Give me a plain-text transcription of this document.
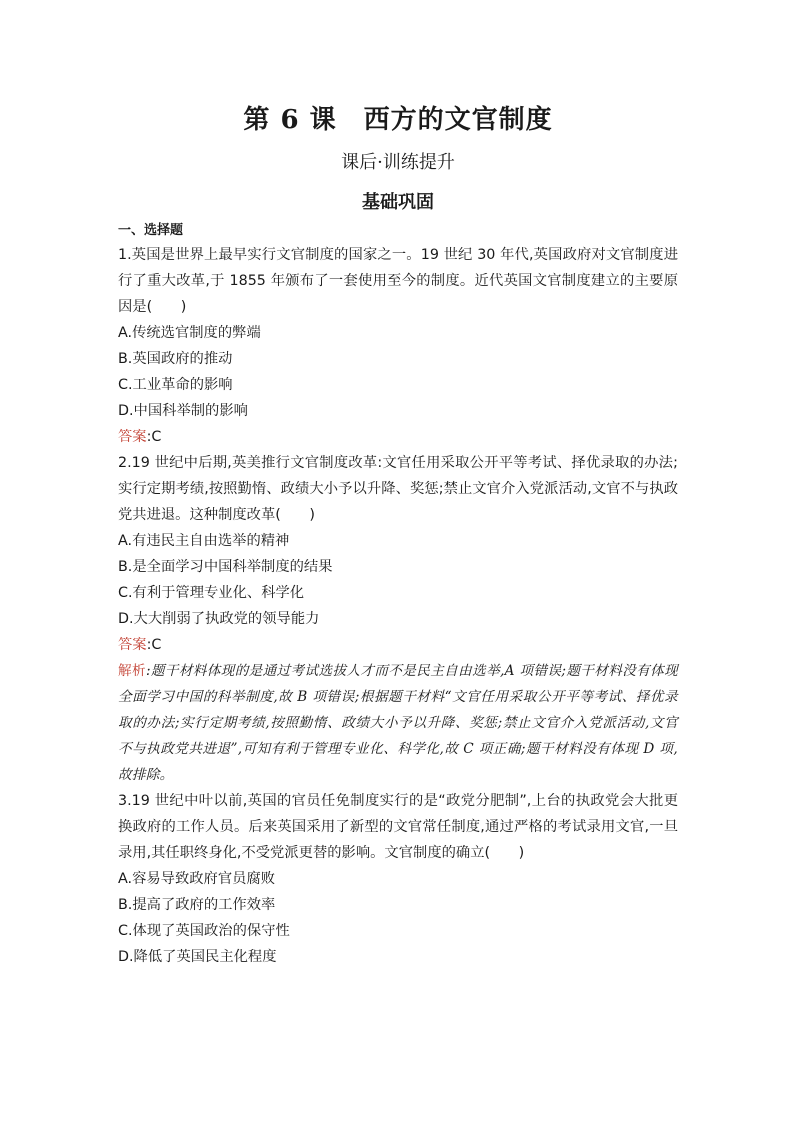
第 6 课　西方的文官制度
课后·训练提升
基础巩固
一、选择题
1.英国是世界上最早实行文官制度的国家之一。19 世纪 30 年代,英国政府对文官制度进行了重大改革,于 1855 年颁布了一套使用至今的制度。近代英国文官制度建立的主要原因是(　　)
A.传统选官制度的弊端
B.英国政府的推动
C.工业革命的影响
D.中国科举制的影响
答案:C
2.19 世纪中后期,英美推行文官制度改革:文官任用采取公开平等考试、择优录取的办法;实行定期考绩,按照勤惰、政绩大小予以升降、奖惩;禁止文官介入党派活动,文官不与执政党共进退。这种制度改革(　　)
A.有违民主自由选举的精神
B.是全面学习中国科举制度的结果
C.有利于管理专业化、科学化
D.大大削弱了执政党的领导能力
答案:C
解析:题干材料体现的是通过考试选拔人才而不是民主自由选举,A 项错误;题干材料没有体现全面学习中国的科举制度,故 B 项错误;根据题干材料“文官任用采取公开平等考试、择优录取的办法;实行定期考绩,按照勤惰、政绩大小予以升降、奖惩;禁止文官介入党派活动,文官不与执政党共进退”,可知有利于管理专业化、科学化,故 C 项正确;题干材料没有体现 D 项,故排除。
3.19 世纪中叶以前,英国的官员任免制度实行的是“政党分肥制”,上台的执政党会大批更换政府的工作人员。后来英国采用了新型的文官常任制度,通过严格的考试录用文官,一旦录用,其任职终身化,不受党派更替的影响。文官制度的确立(　　)
A.容易导致政府官员腐败
B.提高了政府的工作效率
C.体现了英国政治的保守性
D.降低了英国民主化程度
